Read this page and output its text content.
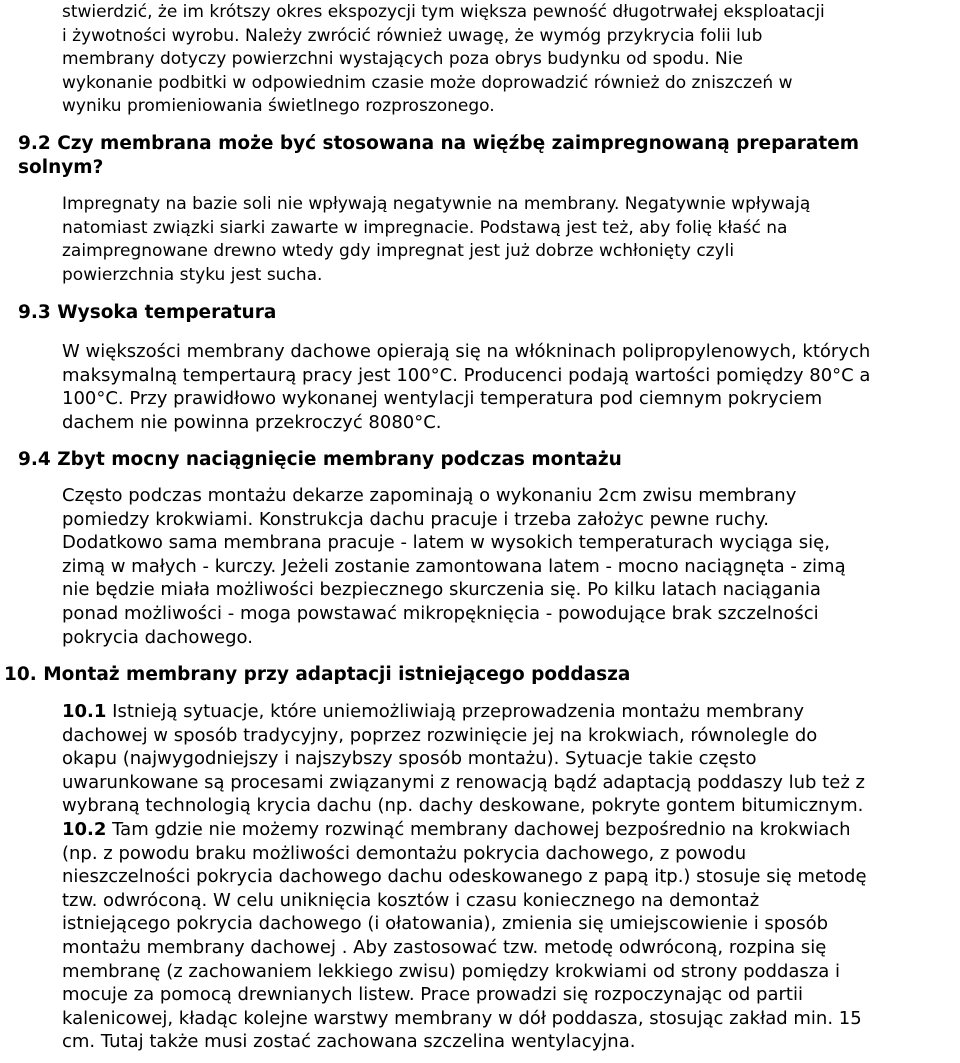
stwierdzić, że im krótszy okres ekspozycji tym większa pewność długotrwałej eksploatacji
i żywotności wyrobu. Należy zwrócić również uwagę, że wymóg przykrycia folii lub
membrany dotyczy powierzchni wystających poza obrys budynku od spodu. Nie
wykonanie podbitki w odpowiednim czasie może doprowadzić również do zniszczeń w
wyniku promieniowania świetlnego rozproszonego.
9.2 Czy membrana może być stosowana na więźbę zaimpregnowaną preparatem
solnym?
Impregnaty na bazie soli nie wpływają negatywnie na membrany. Negatywnie wpływają
natomiast związki siarki zawarte w impregnacie. Podstawą jest też, aby folię kłaść na
zaimpregnowane drewno wtedy gdy impregnat jest już dobrze wchłonięty czyli
powierzchnia styku jest sucha.
9.3 Wysoka temperatura
W większości membrany dachowe opierają się na włókninach polipropylenowych, których
maksymalną tempertaurą pracy jest 100°C. Producenci podają wartości pomiędzy 80°C a
100°C. Przy prawidłowo wykonanej wentylacji temperatura pod ciemnym pokryciem
dachem nie powinna przekroczyć 8080°C.
9.4 Zbyt mocny naciągnięcie membrany podczas montażu
Często podczas montażu dekarze zapominają o wykonaniu 2cm zwisu membrany
pomiedzy krokwiami. Konstrukcja dachu pracuje i trzeba założyc pewne ruchy.
Dodatkowo sama membrana pracuje - latem w wysokich temperaturach wyciąga się,
zimą w małych - kurczy. Jeżeli zostanie zamontowana latem - mocno naciągnęta - zimą
nie będzie miała możliwości bezpiecznego skurczenia się. Po kilku latach naciągania
ponad możliwości - moga powstawać mikropęknięcia - powodujące brak szczelności
pokrycia dachowego.
10. Montaż membrany przy adaptacji istniejącego poddasza
10.1 Istnieją sytuacje, które uniemożliwiają przeprowadzenia montażu membrany
dachowej w sposób tradycyjny, poprzez rozwinięcie jej na krokwiach, równolegle do
okapu (najwygodniejszy i najszybszy sposób montażu). Sytuacje takie często
uwarunkowane są procesami związanymi z renowacją bądź adaptacją poddaszy lub też z
wybraną technologią krycia dachu (np. dachy deskowane, pokryte gontem bitumicznym.
10.2 Tam gdzie nie możemy rozwinąć membrany dachowej bezpośrednio na krokwiach
(np. z powodu braku możliwości demontażu pokrycia dachowego, z powodu
nieszczelności pokrycia dachowego dachu odeskowanego z papą itp.) stosuje się metodę
tzw. odwróconą. W celu uniknięcia kosztów i czasu koniecznego na demontaż
istniejącego pokrycia dachowego (i ołatowania), zmienia się umiejscowienie i sposób
montażu membrany dachowej . Aby zastosować tzw. metodę odwróconą, rozpina się
membranę (z zachowaniem lekkiego zwisu) pomiędzy krokwiami od strony poddasza i
mocuje za pomocą drewnianych listew. Prace prowadzi się rozpoczynając od partii
kalenicowej, kładąc kolejne warstwy membrany w dół poddasza, stosując zakład min. 15
cm. Tutaj także musi zostać zachowana szczelina wentylacyjna.
